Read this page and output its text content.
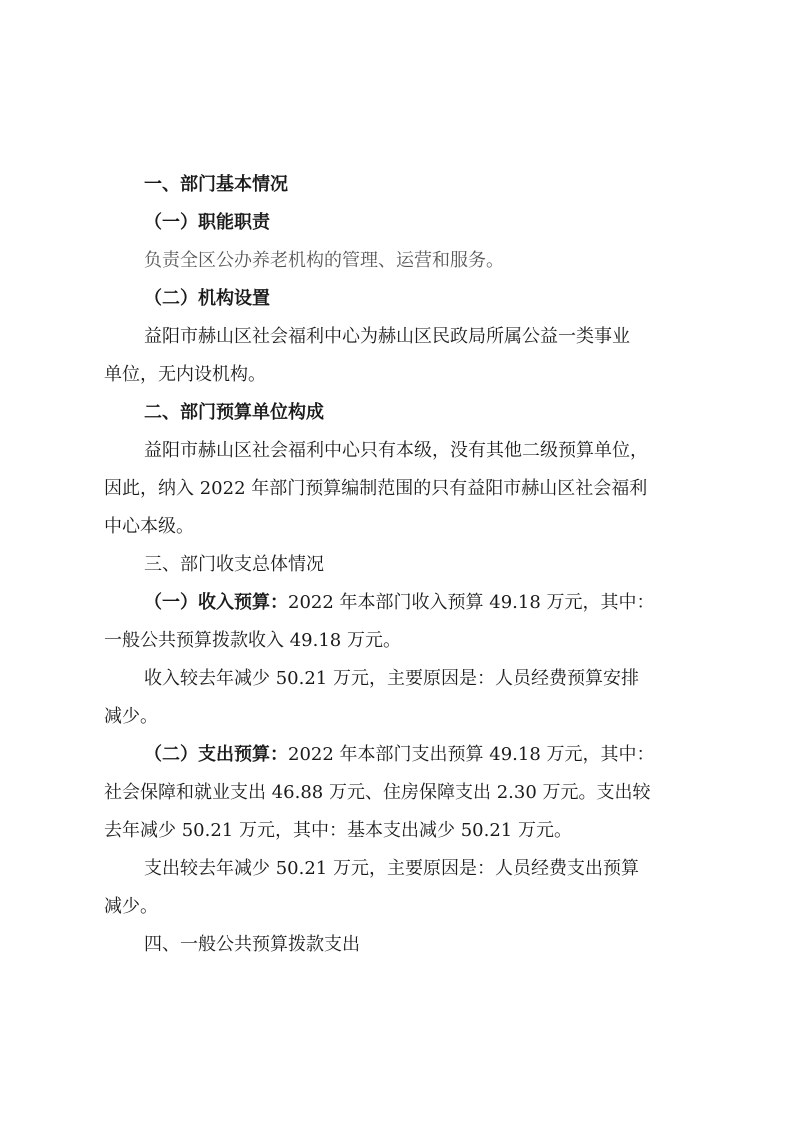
一、部门基本情况
（一）职能职责
负责全区公办养老机构的管理、运营和服务。
（二）机构设置
益阳市赫山区社会福利中心为赫山区民政局所属公益一类事业
单位，无内设机构。
二、部门预算单位构成
益阳市赫山区社会福利中心只有本级，没有其他二级预算单位，
因此，纳入 2022 年部门预算编制范围的只有益阳市赫山区社会福利
中心本级。
三、部门收支总体情况
（一）收入预算：2022 年本部门收入预算 49.18 万元，其中：
一般公共预算拨款收入 49.18 万元。
收入较去年减少 50.21 万元，主要原因是：人员经费预算安排
减少。
（二）支出预算：2022 年本部门支出预算 49.18 万元，其中：
社会保障和就业支出 46.88 万元、住房保障支出 2.30 万元。支出较
去年减少 50.21 万元，其中：基本支出减少 50.21 万元。
支出较去年减少 50.21 万元，主要原因是：人员经费支出预算
减少。
四、一般公共预算拨款支出
